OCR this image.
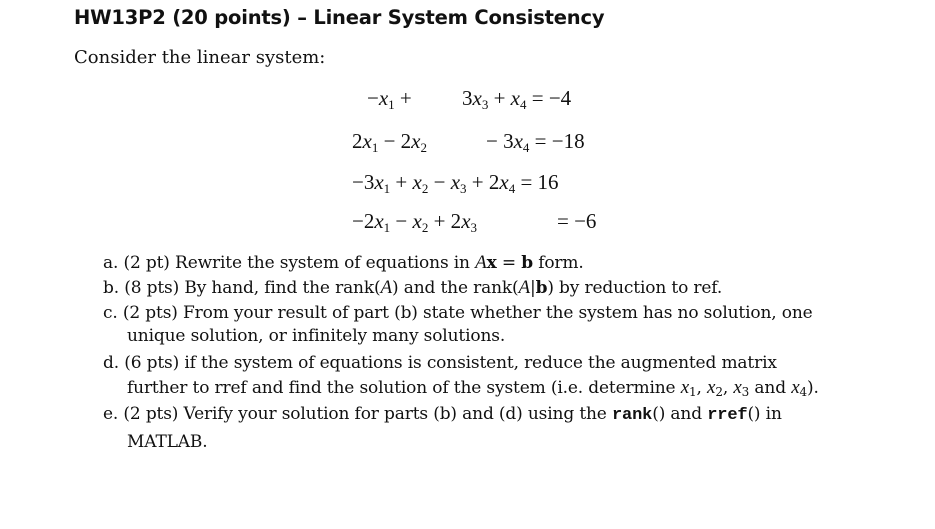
HW13P2 (20 points) – Linear System Consistency
Consider the linear system:
$-x_1 + 3x_3 + x_4 = -4$
$2x_1 - 2x_2$	− $3x_4 = -18$
$-3x_1 + x_2 - x_3 + 2x_4 = 16$
$-2x_1 - x_2 + 2x_3$	= −6
a. (2 pt) Rewrite the system of equations in Ax = b form.
b. (8 pts) By hand, find the rank(A) and the rank(A|b) by reduction to ref.
c. (2 pts) From your result of part (b) state whether the system has no solution, one
unique solution, or infinitely many solutions.
d. (6 pts) if the system of equations is consistent, reduce the augmented matrix
further to rref and find the solution of the system (i.e. determine $x_1$, $x_2$, $x_3$ and $x_4$).
e. (2 pts) Verify your solution for parts (b) and (d) using the rank() and rref() in
MATLAB.
